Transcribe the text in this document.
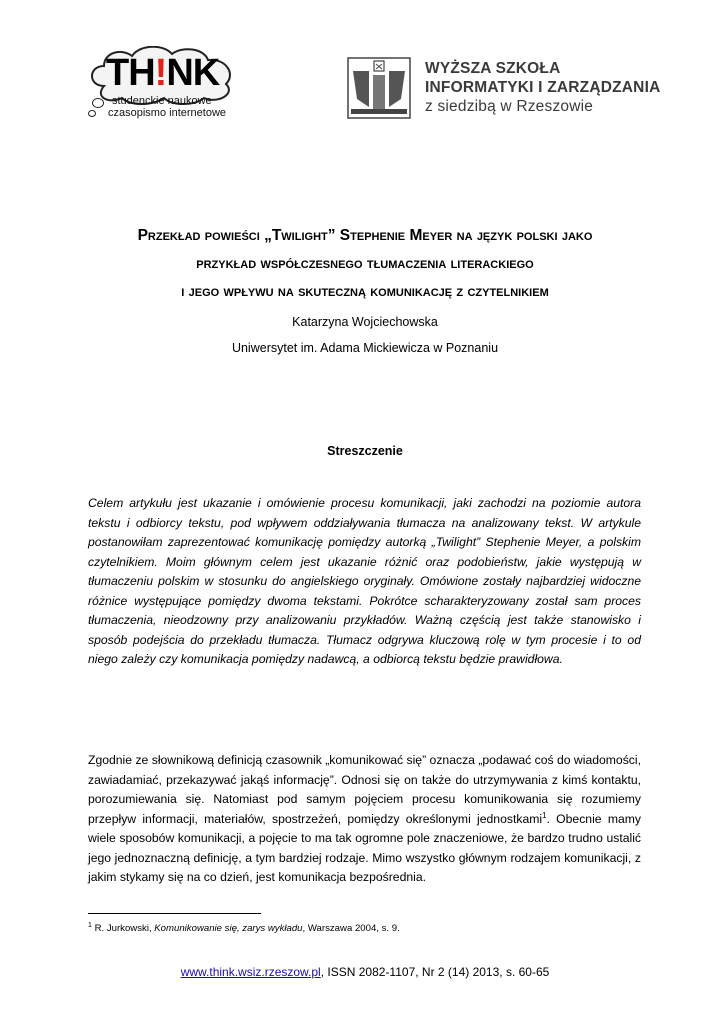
TH!NK
studenckie naukowe
czasopismo internetowe
WYŻSZA SZKOŁA
INFORMATYKI I ZARZĄDZANIA
z siedzibą w Rzeszowie
Przekład powieści „Twilight” Stephenie Meyer na język polski jako
przykład współczesnego tłumaczenia literackiego
i jego wpływu na skuteczną komunikację z czytelnikiem
Katarzyna Wojciechowska
Uniwersytet im. Adama Mickiewicza w Poznaniu
Streszczenie
Celem artykułu jest ukazanie i omówienie procesu komunikacji, jaki zachodzi na poziomie autora tekstu i odbiorcy tekstu, pod wpływem oddziaływania tłumacza na analizowany tekst. W artykule postanowiłam zaprezentować komunikację pomiędzy autorką „Twilight” Stephenie Meyer, a polskim czytelnikiem. Moim głównym celem jest ukazanie różnić oraz podobieństw, jakie występują w tłumaczeniu polskim w stosunku do angielskiego oryginały. Omówione zostały najbardziej widoczne różnice występujące pomiędzy dwoma tekstami. Pokrótce scharakteryzowany został sam proces tłumaczenia, nieodzowny przy analizowaniu przykładów. Ważną częścią jest także stanowisko i sposób podejścia do przekładu tłumacza. Tłumacz odgrywa kluczową rolę w tym procesie i to od niego zależy czy komunikacja pomiędzy nadawcą, a odbiorcą tekstu będzie prawidłowa.
Zgodnie ze słownikową definicją czasownik „komunikować się” oznacza „podawać coś do wiadomości, zawiadamiać, przekazywać jakąś informację”. Odnosi się on także do utrzymywania z kimś kontaktu, porozumiewania się. Natomiast pod samym pojęciem procesu komunikowania się rozumiemy przepływ informacji, materiałów, spostrzeżeń, pomiędzy określonymi jednostkami$^1$. Obecnie mamy wiele sposobów komunikacji, a pojęcie to ma tak ogromne pole znaczeniowe, że bardzo trudno ustalić jego jednoznaczną definicję, a tym bardziej rodzaje. Mimo wszystko głównym rodzajem komunikacji, z jakim stykamy się na co dzień, jest komunikacja bezpośrednia.
$^1$ R. Jurkowski, Komunikowanie się, zarys wykładu, Warszawa 2004, s. 9.
www.think.wsiz.rzeszow.pl, ISSN 2082-1107, Nr 2 (14) 2013, s. 60-65
